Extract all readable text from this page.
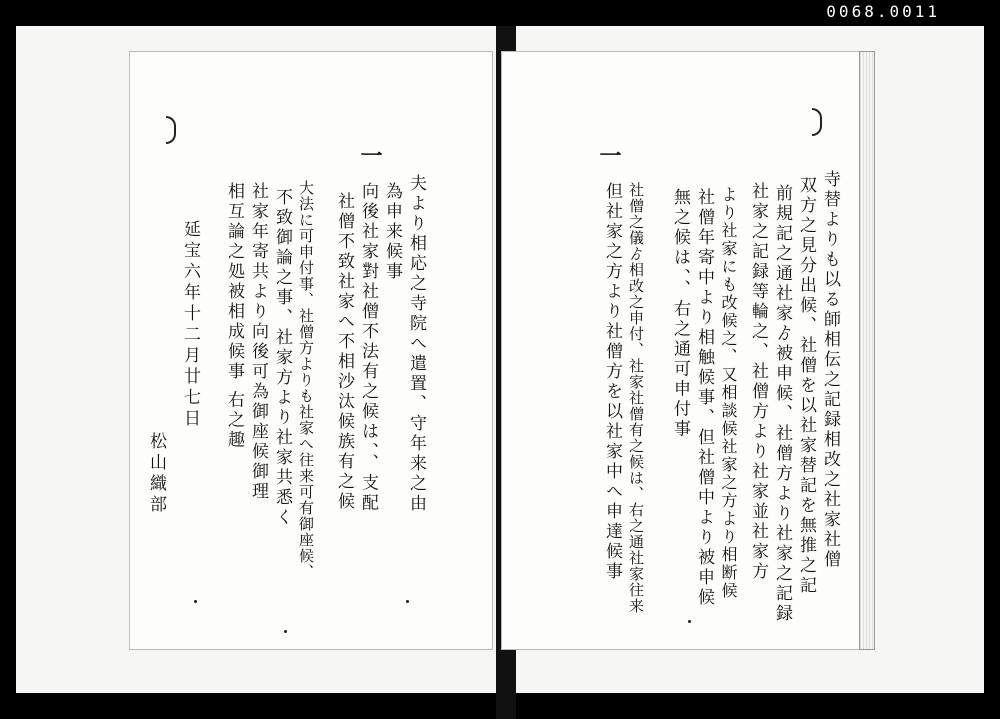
0068.0011
一
夫より相応之寺院へ遣置、守年来之由
為申来候事
向後社家對社僧不法有之候は、、支配
社僧不致社家へ不相沙汰候族有之候
大法に可申付事、社僧方よりも社家へ往来可有御座候、
不致御論之事、社家方より社家共悉く
社家年寄共より向後可為御座候御理
相互論之処被相成候事 右之趣
延宝六年十二月廿七日
松山織部
一
寺替よりも以る師相伝之記録相改之社家社僧
双方之見分出候、社僧を以社家替記を無推之記
前規記之通社家ゟ被申候、社僧方より社家之記録
社家之記録等輪之、社僧方より社家並社家方
より社家にも改候之、又相談候社家之方より相断候
社僧年寄中より相触候事、但社僧中より被申候
無之候は、、右之通可申付事
社僧之儀ゟ相改之申付、社家社僧有之候は、右之通社家往来
但社家之方より社僧方を以社家中へ申達候事
